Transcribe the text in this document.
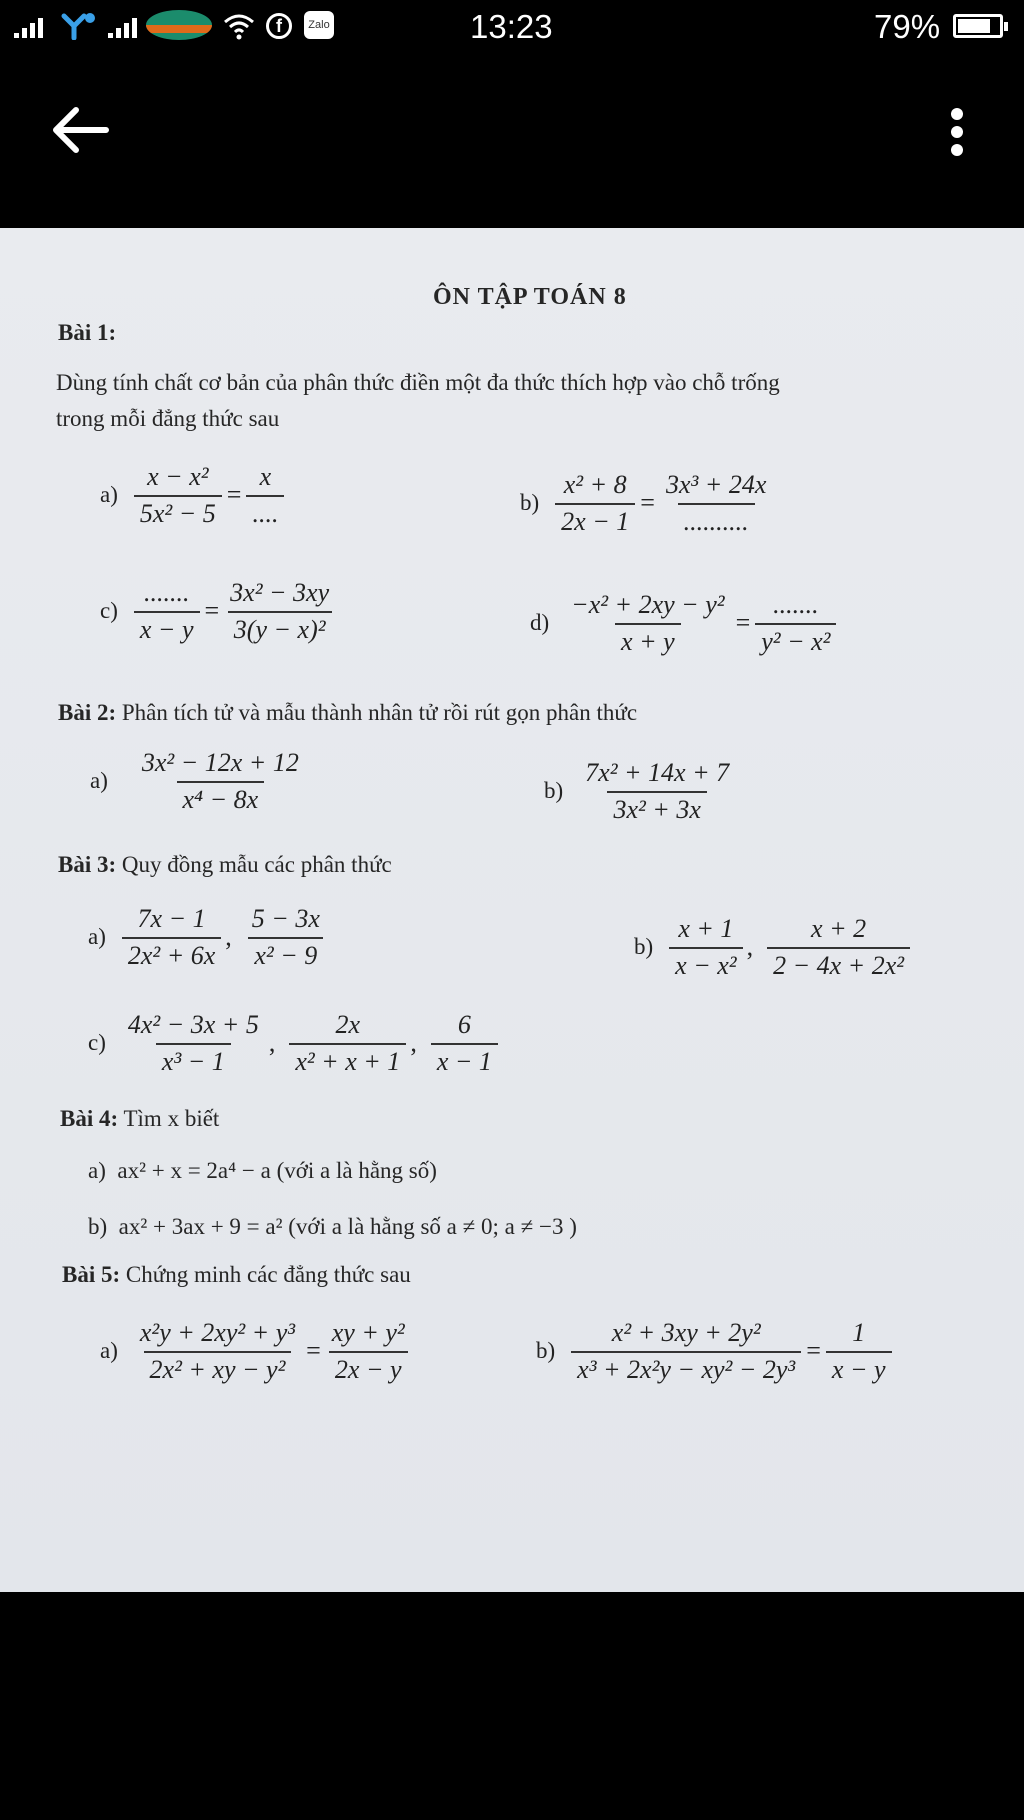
f	Zalo	13:23	79%
ÔN TẬP TOÁN 8
Bài 1:
Dùng tính chất cơ bản của phân thức điền một đa thức thích hợp vào chỗ trống
trong mỗi đẳng thức sau
$a) \frac{\text{x − x²}}{\text{5x² − 5}} = \frac{x}{....}$	$b) \frac{\text{x² + 8}}{2x - 1} = \frac{\text{3x³ + 24x}}{..........}$
$c) \frac{.......}{x - y} = \frac{\text{3x² − 3xy}}{\text{3(y − x)²}}$	$d) \frac{\text{−x² + 2xy − y²}}{x + y} = \frac{.......}{\text{y² − x²}}$
Bài 2: Phân tích tử và mẫu thành nhân tử rồi rút gọn phân thức
$a) \frac{\text{3x² − 12x + 12}}{\text{x⁴ − 8x}}$	$b) \frac{\text{7x² + 14x + 7}}{\text{3x² + 3x}}$
Bài 3: Quy đồng mẫu các phân thức
$a) \frac{7x - 1}{\text{2x² + 6x}}$ , $\frac{5 - 3x}{\text{x² − 9}}$	$b) \frac{x + 1}{\text{x − x²}}$ , $\frac{x + 2}{\text{2 − 4x + 2x²}}$
$c) \frac{\text{4x² − 3x + 5}}{\text{x³ − 1}}$ , $\frac{2x}{\text{x² + x + 1}}$ , $\frac{6}{x - 1}$
Bài 4: Tìm x biết
a) ax² + x = 2a⁴ − a (với a là hằng số)
b) ax² + 3ax + 9 = a² (với a là hằng số a ≠ 0; a ≠ −3 )
Bài 5: Chứng minh các đẳng thức sau
$a) \frac{\text{x²y + 2xy² + y³}}{\text{2x² + xy − y²}} = \frac{\text{xy + y²}}{2x - y}$	$b) \frac{\text{x² + 3xy + 2y²}}{\text{x³ + 2x²y − xy² − 2y³}} = \frac{1}{x - y}$
